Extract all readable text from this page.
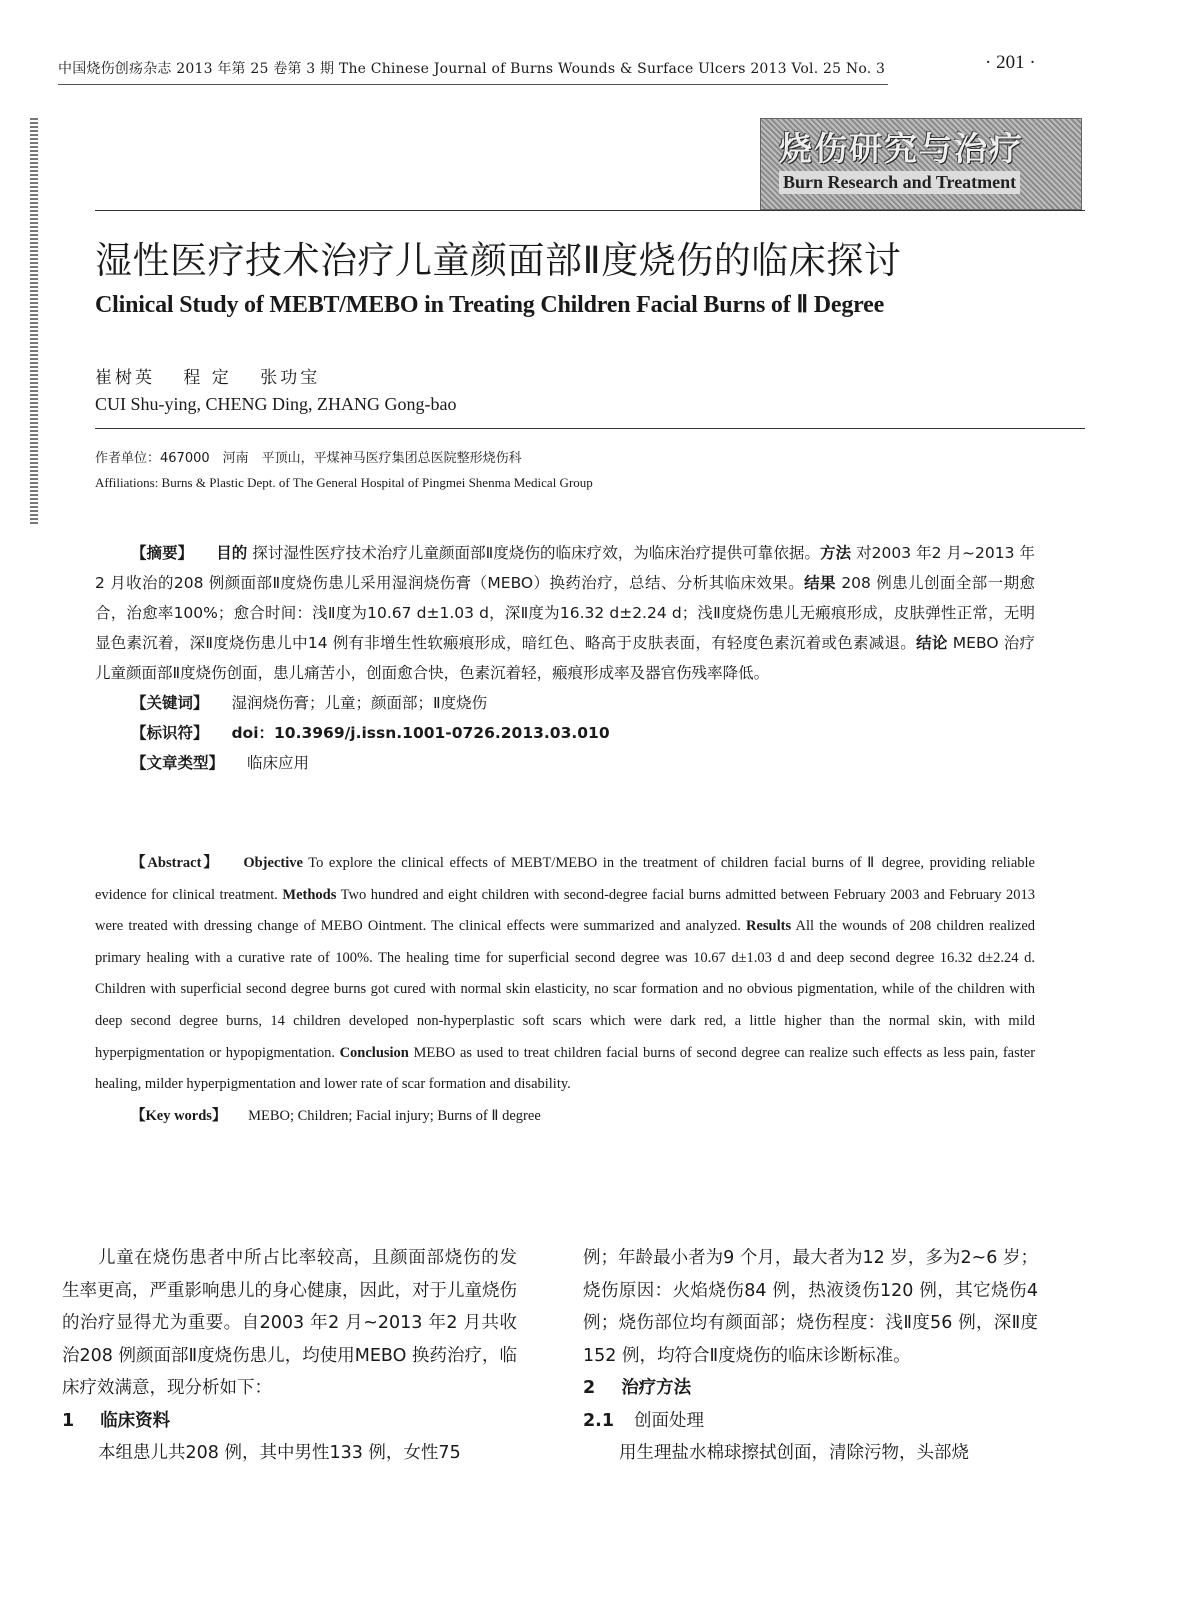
中国烧伤创疡杂志 2013 年第 25 卷第 3 期 The Chinese Journal of Burns Wounds & Surface Ulcers 2013 Vol. 25 No. 3	· 201 ·
烧伤研究与治疗
Burn Research and Treatment
湿性医疗技术治疗儿童颜面部Ⅱ度烧伤的临床探讨
Clinical Study of MEBT/MEBO in Treating Children Facial Burns of Ⅱ Degree
崔树英 程 定 张功宝
CUI Shu-ying, CHENG Ding, ZHANG Gong-bao
作者单位：467000　河南　平顶山，平煤神马医疗集团总医院整形烧伤科
Affiliations: Burns & Plastic Dept. of The General Hospital of Pingmei Shenma Medical Group

【摘要】 目的 探讨湿性医疗技术治疗儿童颜面部Ⅱ度烧伤的临床疗效，为临床治疗提供可靠依据。方法 对2003 年2 月~2013 年2 月收治的208 例颜面部Ⅱ度烧伤患儿采用湿润烧伤膏（MEBO）换药治疗，总结、分析其临床效果。结果 208 例患儿创面全部一期愈合，治愈率100%；愈合时间：浅Ⅱ度为10.67 d±1.03 d，深Ⅱ度为16.32 d±2.24 d；浅Ⅱ度烧伤患儿无瘢痕形成，皮肤弹性正常，无明显色素沉着，深Ⅱ度烧伤患儿中14 例有非增生性软瘢痕形成，暗红色、略高于皮肤表面，有轻度色素沉着或色素减退。结论 MEBO 治疗儿童颜面部Ⅱ度烧伤创面，患儿痛苦小，创面愈合快，色素沉着轻，瘢痕形成率及器官伤残率降低。

【关键词】 湿润烧伤膏；儿童；颜面部；Ⅱ度烧伤

【标识符】 doi：10.3969/j.issn.1001-0726.2013.03.010

【文章类型】 临床应用

【Abstract】 Objective To explore the clinical effects of MEBT/MEBO in the treatment of children facial burns of Ⅱ degree, providing reliable evidence for clinical treatment. Methods Two hundred and eight children with second-degree facial burns admitted between February 2003 and February 2013 were treated with dressing change of MEBO Ointment. The clinical effects were summarized and analyzed. Results All the wounds of 208 children realized primary healing with a curative rate of 100%. The healing time for superficial second degree was 10.67 d±1.03 d and deep second degree 16.32 d±2.24 d. Children with superficial second degree burns got cured with normal skin elasticity, no scar formation and no obvious pigmentation, while of the children with deep second degree burns, 14 children developed non-hyperplastic soft scars which were dark red, a little higher than the normal skin, with mild hyperpigmentation or hypopigmentation. Conclusion MEBO as used to treat children facial burns of second degree can realize such effects as less pain, faster healing, milder hyperpigmentation and lower rate of scar formation and disability.

【Key words】 MEBO; Children; Facial injury; Burns of Ⅱ degree

儿童在烧伤患者中所占比率较高，且颜面部烧伤的发生率更高，严重影响患儿的身心健康，因此，对于儿童烧伤的治疗显得尤为重要。自2003 年2 月~2013 年2 月共收治208 例颜面部Ⅱ度烧伤患儿，均使用MEBO 换药治疗，临床疗效满意，现分析如下：

1 临床资料

本组患儿共208 例，其中男性133 例，女性75

例；年龄最小者为9 个月，最大者为12 岁，多为2~6 岁；烧伤原因：火焰烧伤84 例，热液烫伤120 例，其它烧伤4 例；烧伤部位均有颜面部；烧伤程度：浅Ⅱ度56 例，深Ⅱ度152 例，均符合Ⅱ度烧伤的临床诊断标准。

2 治疗方法

2.1 创面处理

用生理盐水棉球擦拭创面，清除污物，头部烧
